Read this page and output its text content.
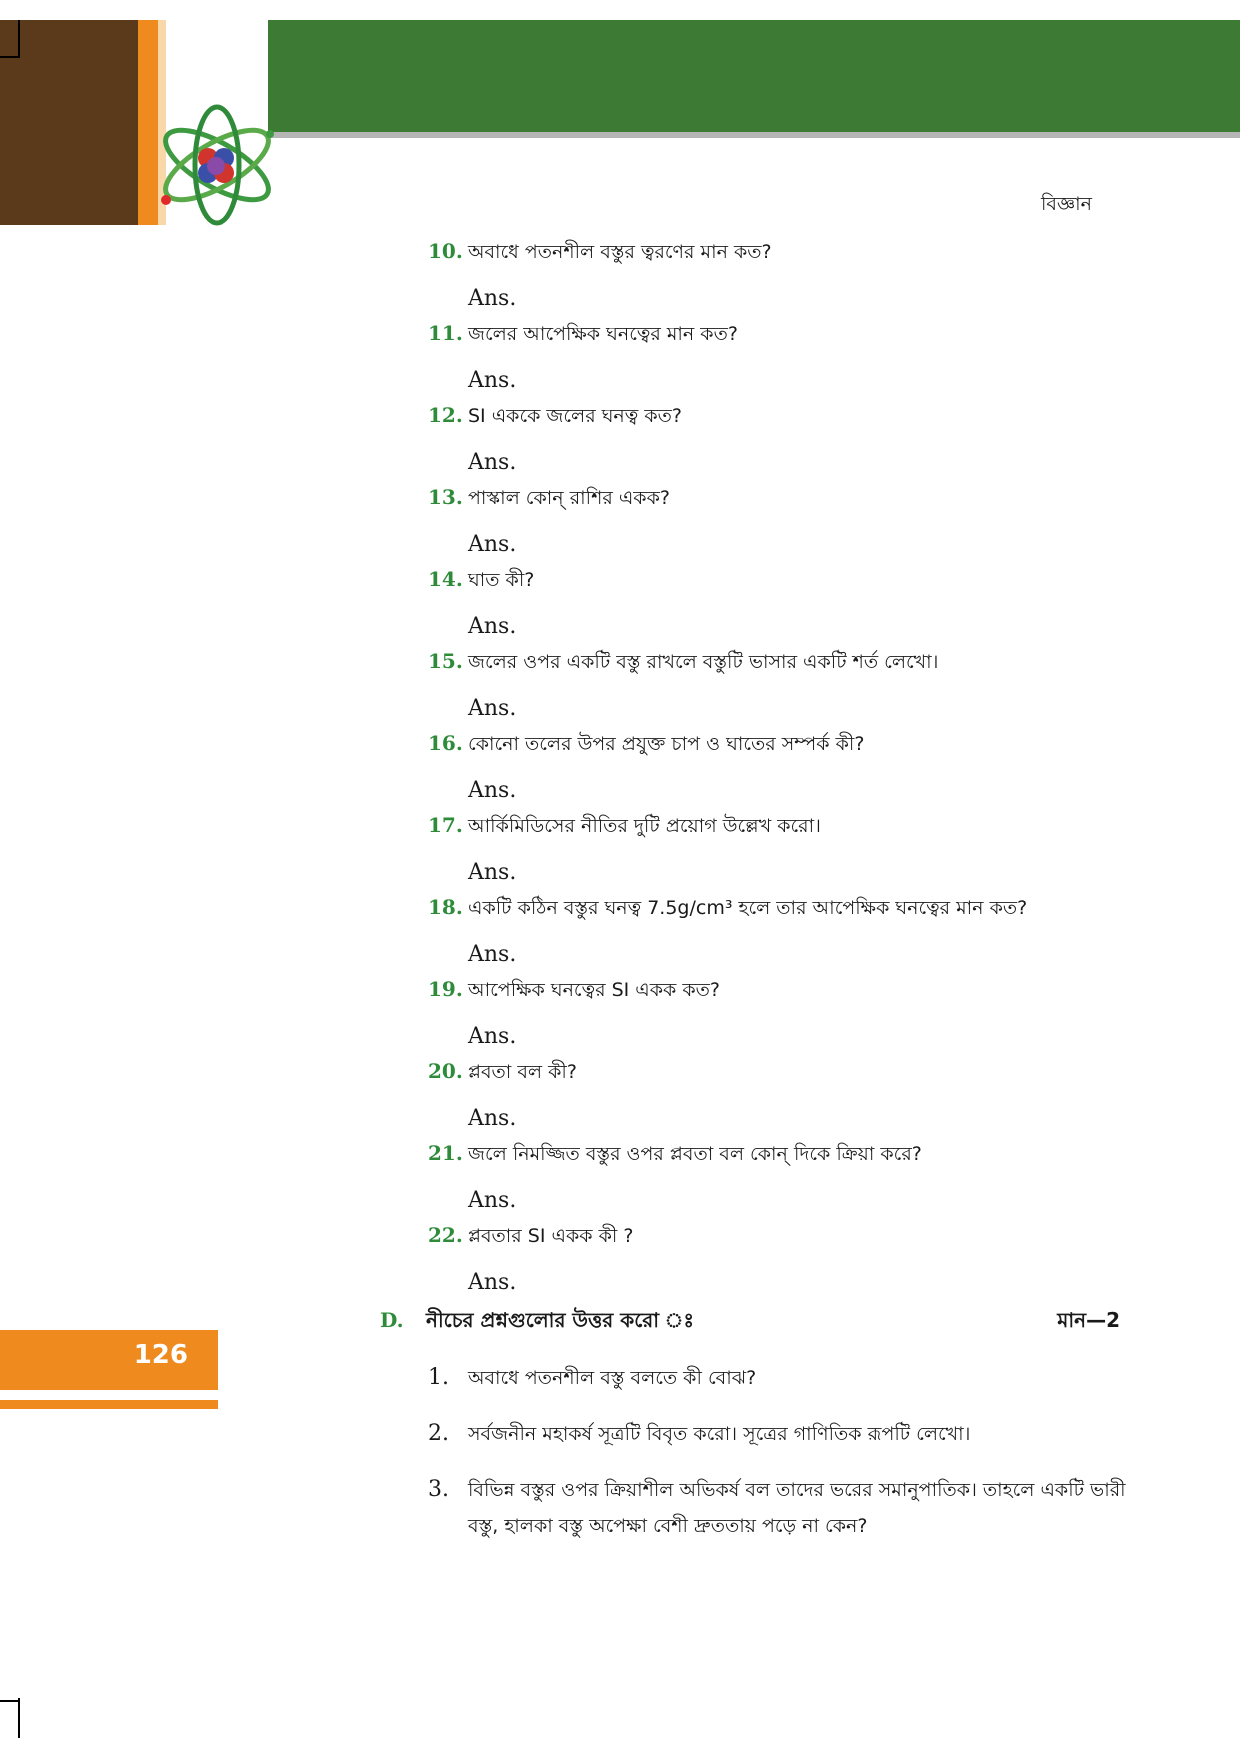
বিজ্ঞান
10. অবাধে পতনশীল বস্তুর ত্বরণের মান কত?
Ans.
11. জলের আপেক্ষিক ঘনত্বের মান কত?
Ans.
12. SI এককে জলের ঘনত্ব কত?
Ans.
13. পাস্কাল কোন্ রাশির একক?
Ans.
14. ঘাত কী?
Ans.
15. জলের ওপর একটি বস্তু রাখলে বস্তুটি ভাসার একটি শর্ত লেখো।
Ans.
16. কোনো তলের উপর প্রযুক্ত চাপ ও ঘাতের সম্পর্ক কী?
Ans.
17. আর্কিমিডিসের নীতির দুটি প্রয়োগ উল্লেখ করো।
Ans.
18. একটি কঠিন বস্তুর ঘনত্ব 7.5g/cm³ হলে তার আপেক্ষিক ঘনত্বের মান কত?
Ans.
19. আপেক্ষিক ঘনত্বের SI একক কত?
Ans.
20. প্লবতা বল কী?
Ans.
21. জলে নিমজ্জিত বস্তুর ওপর প্লবতা বল কোন্ দিকে ক্রিয়া করে?
Ans.
22. প্লবতার SI একক কী ?
Ans.
D.	নীচের প্রশ্নগুলোর উত্তর করো ঃ	মান—2
1.	অবাধে পতনশীল বস্তু বলতে কী বোঝ?
2.	সর্বজনীন মহাকর্ষ সূত্রটি বিবৃত করো। সূত্রের গাণিতিক রূপটি লেখো।
3.	বিভিন্ন বস্তুর ওপর ক্রিয়াশীল অভিকর্ষ বল তাদের ভরের সমানুপাতিক। তাহলে একটি ভারী বস্তু, হালকা বস্তু অপেক্ষা বেশী দ্রুততায় পড়ে না কেন?
126
